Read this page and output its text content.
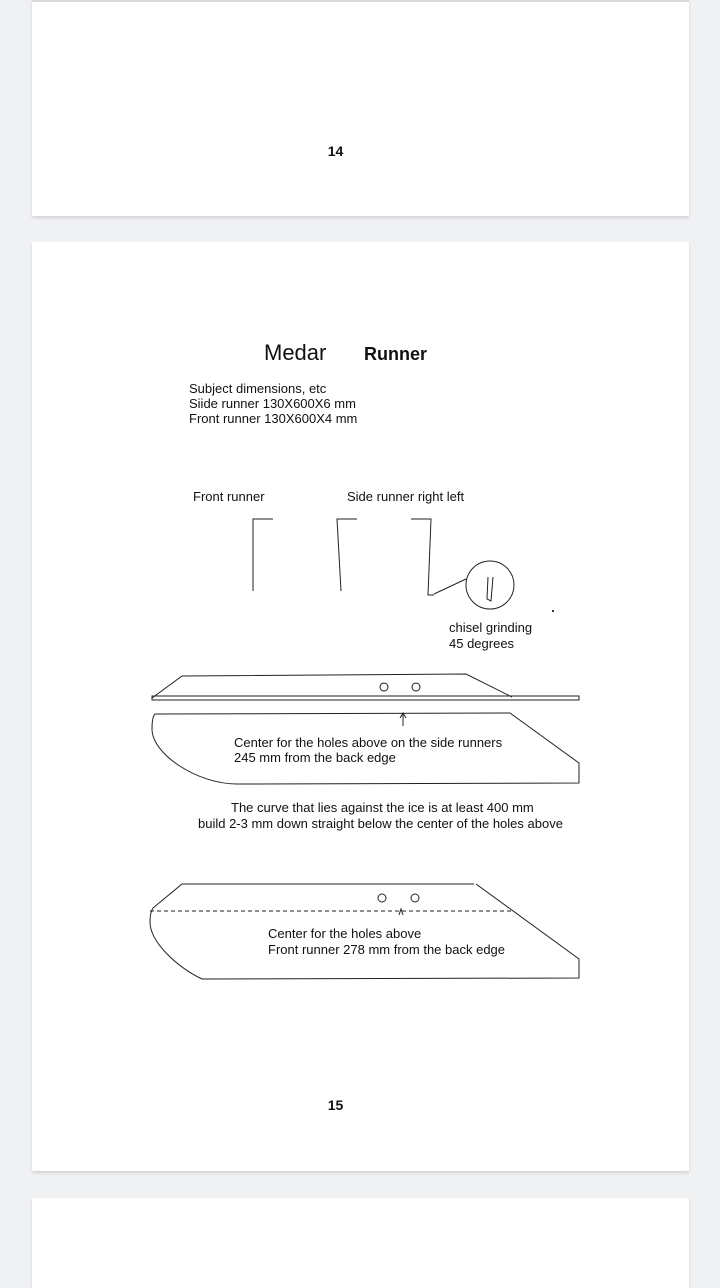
14
Medar Runner
Subject dimensions, etc
Siide runner 130X600X6 mm
Front runner 130X600X4 mm
Front runner	Side runner right left
chisel grinding
45 degrees
Center for the holes above on the side runners
245 mm from the back edge
The curve that lies against the ice is at least 400 mm
build 2-3 mm down straight below the center of the holes above
Center for the holes above
Front runner 278 mm from the back edge
15
